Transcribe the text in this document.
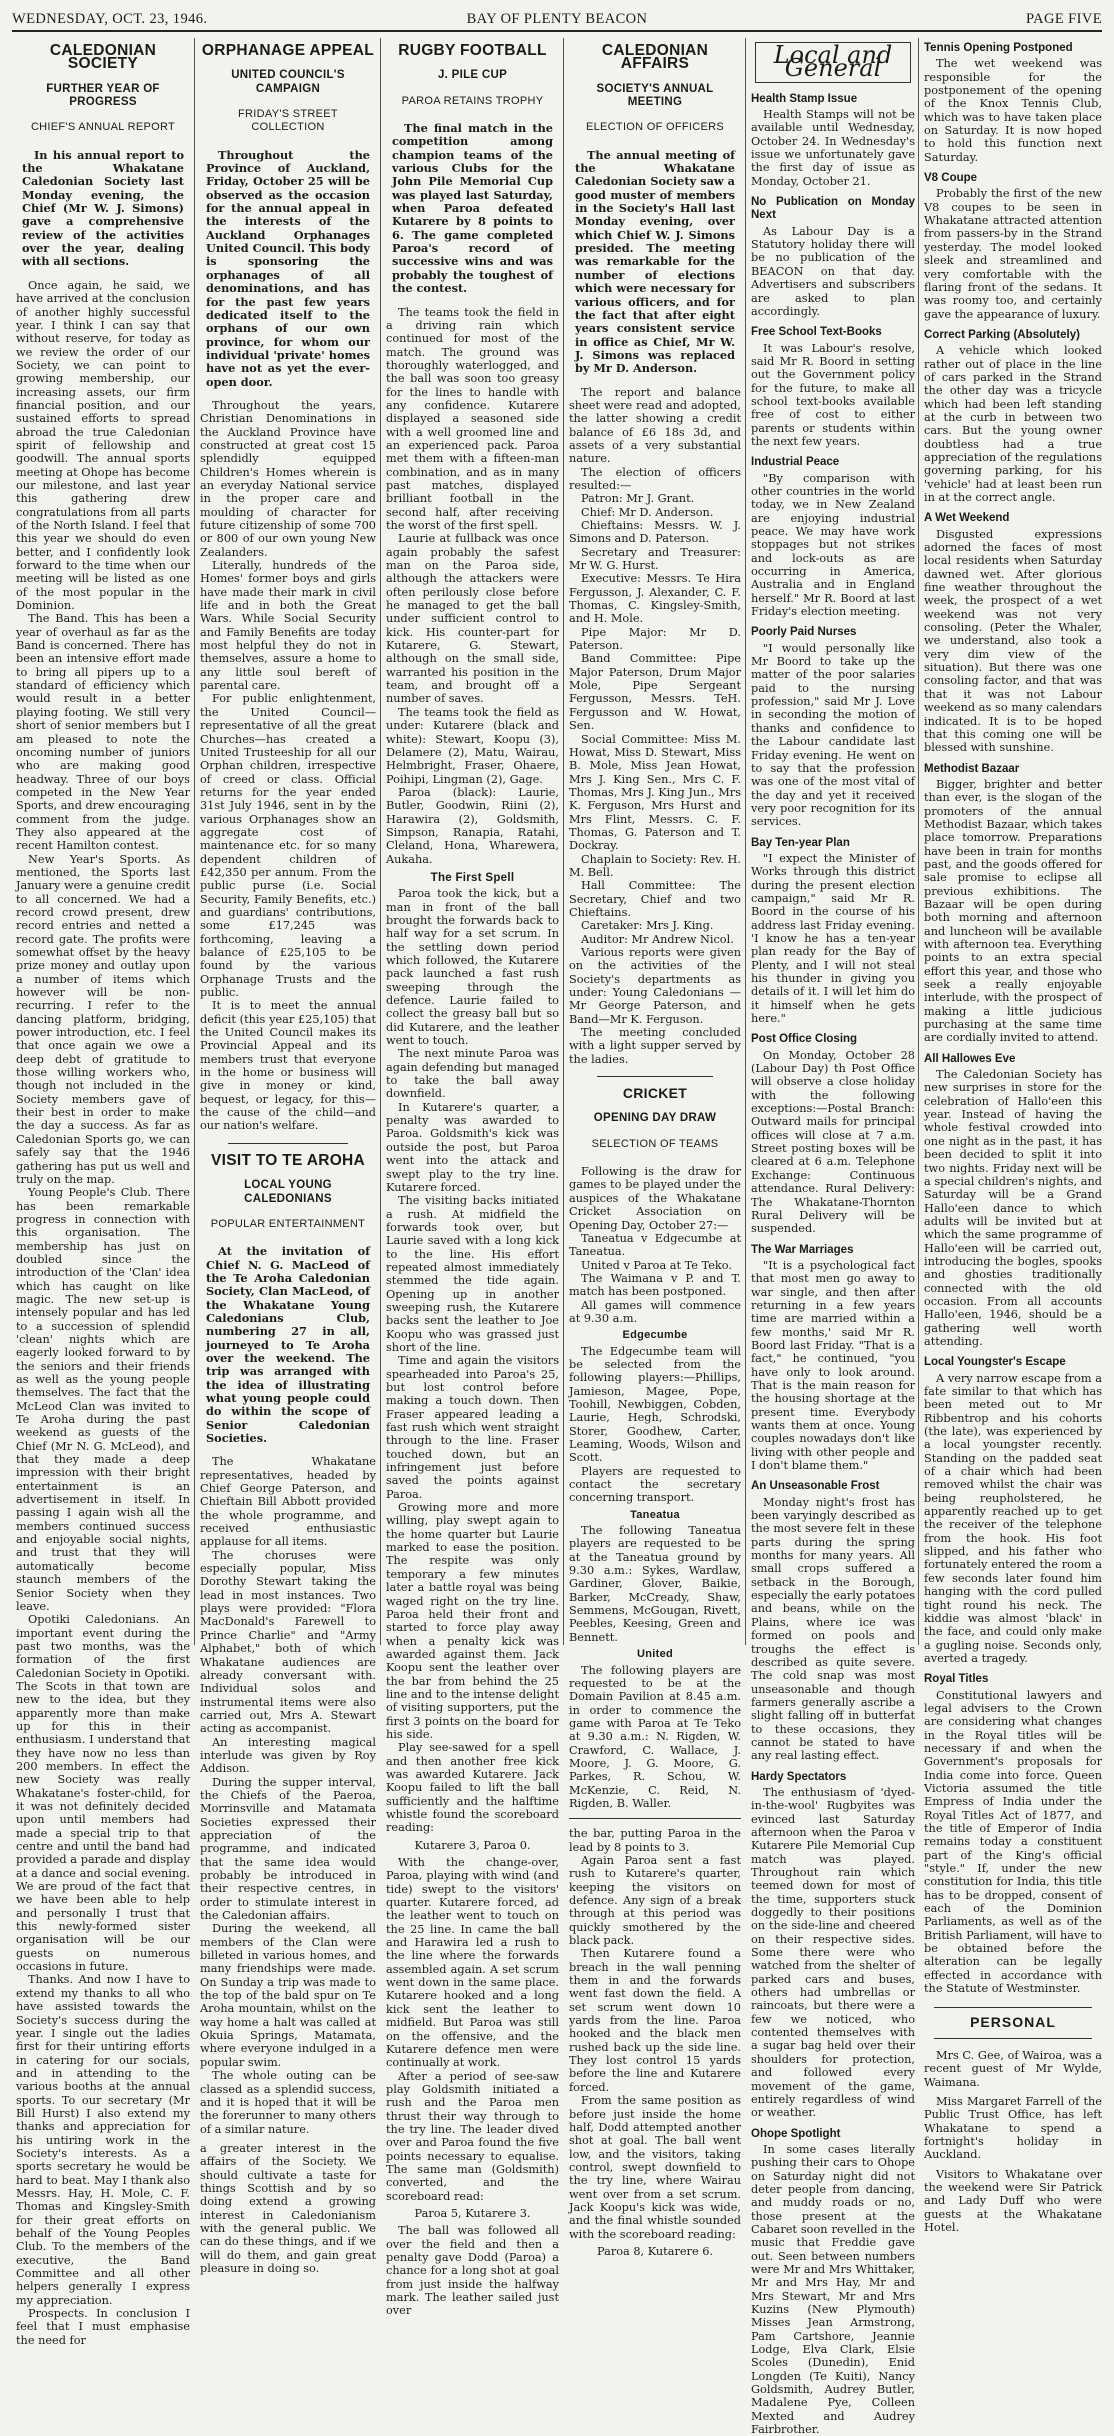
WEDNESDAY, OCT. 23, 1946.	BAY OF PLENTY BEACON	PAGE FIVE
CALEDONIAN SOCIETY
FURTHER YEAR OF PROGRESS
CHIEF'S ANNUAL REPORT
In his annual report to the Whakatane Caledonian Society last Monday evening, the Chief (Mr W. J. Simons) gave a comprehensive review of the activities over the year, dealing with all sections.

Once again, he said, we have arrived at the conclusion of another highly successful year. I think I can say that without reserve, for today as we review the order of our Society, we can point to growing membership, our increasing assets, our firm financial position, and our sustained efforts to spread abroad the true Caledonian spirit of fellowship and goodwill. The annual sports meeting at Ohope has become our milestone, and last year this gathering drew congratulations from all parts of the North Island. I feel that this year we should do even better, and I confidently look forward to the time when our meeting will be listed as one of the most popular in the Dominion.

The Band. This has been a year of overhaul as far as the Band is concerned. There has been an intensive effort made to bring all pipers up to a standard of efficiency which would result in a better playing footing. We still very short of senior members but I am pleased to note the oncoming number of juniors who are making good headway. Three of our boys competed in the New Year Sports, and drew encouraging comment from the judge. They also appeared at the recent Hamilton contest.

New Year's Sports. As mentioned, the Sports last January were a genuine credit to all concerned. We had a record crowd present, drew record entries and netted a record gate. The profits were somewhat offset by the heavy prize money and outlay upon a number of items which however will be non-recurring. I refer to the dancing platform, bridging, power introduction, etc. I feel that once again we owe a deep debt of gratitude to those willing workers who, though not included in the Society members gave of their best in order to make the day a success. As far as Caledonian Sports go, we can safely say that the 1946 gathering has put us well and truly on the map.

Young People's Club. There has been remarkable progress in connection with this organisation. The membership has just on doubled since the introduction of the 'Clan' idea which has caught on like magic. The new set-up is intensely popular and has led to a succession of splendid 'clean' nights which are eagerly looked forward to by the seniors and their friends as well as the young people themselves. The fact that the McLeod Clan was invited to Te Aroha during the past weekend as guests of the Chief (Mr N. G. McLeod), and that they made a deep impression with their bright entertainment is an advertisement in itself. In passing I again wish all the members continued success and enjoyable social nights, and trust that they will automatically become staunch members of the Senior Society when they leave.

Opotiki Caledonians. An important event during the past two months, was the formation of the first Caledonian Society in Opotiki. The Scots in that town are new to the idea, but they apparently more than make up for this in their enthusiasm. I understand that they have now no less than 200 members. In effect the new Society was really Whakatane's foster-child, for it was not definitely decided upon until members had made a special trip to that centre and until the band had provided a parade and display at a dance and social evening. We are proud of the fact that we have been able to help and personally I trust that this newly-formed sister organisation will be our guests on numerous occasions in future.

Thanks. And now I have to extend my thanks to all who have assisted towards the Society's success during the year. I single out the ladies first for their untiring efforts in catering for our socials, and in attending to the various booths at the annual sports. To our secretary (Mr Bill Hurst) I also extend my thanks and appreciation for his untiring work in the Society's interests. As a sports secretary he would be hard to beat. May I thank also Messrs. Hay, H. Mole, C. F. Thomas and Kingsley-Smith for their great efforts on behalf of the Young Peoples Club. To the members of the executive, the Band Committee and all other helpers generally I express my appreciation.

Prospects. In conclusion I feel that I must emphasise the need for

ORPHANAGE APPEAL
UNITED COUNCIL'S CAMPAIGN
FRIDAY'S STREET COLLECTION
Throughout the Province of Auckland, Friday, October 25 will be observed as the occasion for the annual appeal in the interests of the Auckland Orphanages United Council. This body is sponsoring the orphanages of all denominations, and has for the past few years dedicated itself to the orphans of our own province, for whom our individual 'private' homes have not as yet the ever-open door.

Throughout the years, Christian Denominations in the Auckland Province have constructed at great cost 15 splendidly equipped Children's Homes wherein is an everyday National service in the proper care and moulding of character for future citizenship of some 700 or 800 of our own young New Zealanders.

Literally, hundreds of the Homes' former boys and girls have made their mark in civil life and in both the Great Wars. While Social Security and Family Benefits are today most helpful they do not in themselves, assure a home to any little soul bereft of parental care.

For public enlightenment, the United Council—representative of all the great Churches—has created a United Trusteeship for all our Orphan children, irrespective of creed or class. Official returns for the year ended 31st July 1946, sent in by the various Orphanages show an aggregate cost of maintenance etc. for so many dependent children of £42,350 per annum. From the public purse (i.e. Social Security, Family Benefits, etc.) and guardians' contributions, some £17,245 was forthcoming, leaving a balance of £25,105 to be found by the various Orphanage Trusts and the public.

It is to meet the annual deficit (this year £25,105) that the United Council makes its Provincial Appeal and its members trust that everyone in the home or business will give in money or kind, bequest, or legacy, for this—the cause of the child—and our nation's welfare.

VISIT TO TE AROHA
LOCAL YOUNG CALEDONIANS
POPULAR ENTERTAINMENT
At the invitation of Chief N. G. MacLeod of the Te Aroha Caledonian Society, Clan MacLeod, of the Whakatane Young Caledonians Club, numbering 27 in all, journeyed to Te Aroha over the weekend. The trip was arranged with the idea of illustrating what young people could do within the scope of Senior Caledonian Societies.

The Whakatane representatives, headed by Chief George Paterson, and Chieftain Bill Abbott provided the whole programme, and received enthusiastic applause for all items.

The choruses were especially popular, Miss Dorothy Stewart taking the lead in most instances. Two plays were provided: "Flora MacDonald's Farewell to Prince Charlie" and "Army Alphabet," both of which Whakatane audiences are already conversant with. Individual solos and instrumental items were also carried out, Mrs A. Stewart acting as accompanist.

An interesting magical interlude was given by Roy Addison.

During the supper interval, the Chiefs of the Paeroa, Morrinsville and Matamata Societies expressed their appreciation of the programme, and indicated that the same idea would probably be introduced in their respective centres, in order to stimulate interest in the Caledonian affairs.

During the weekend, all members of the Clan were billeted in various homes, and many friendships were made. On Sunday a trip was made to the top of the bald spur on Te Aroha mountain, whilst on the way home a halt was called at Okuia Springs, Matamata, where everyone indulged in a popular swim.

The whole outing can be classed as a splendid success, and it is hoped that it will be the forerunner to many others of a similar nature.

a greater interest in the affairs of the Society. We should cultivate a taste for things Scottish and by so doing extend a growing interest in Caledonianism with the general public. We can do these things, and if we will do them, and gain great pleasure in doing so.

RUGBY FOOTBALL
J. PILE CUP
PAROA RETAINS TROPHY
The final match in the competition among champion teams of the various Clubs for the John Pile Memorial Cup was played last Saturday, when Paroa defeated Kutarere by 8 points to 6. The game completed Paroa's record of successive wins and was probably the toughest of the contest.

The teams took the field in a driving rain which continued for most of the match. The ground was thoroughly waterlogged, and the ball was soon too greasy for the lines to handle with any confidence. Kutarere displayed a seasoned side with a well groomed line and an experienced pack. Paroa met them with a fifteen-man combination, and as in many past matches, displayed brilliant football in the second half, after receiving the worst of the first spell.

Laurie at fullback was once again probably the safest man on the Paroa side, although the attackers were often perilously close before he managed to get the ball under sufficient control to kick. His counter-part for Kutarere, G. Stewart, although on the small side, warranted his position in the team, and brought off a number of saves.

The teams took the field as under: Kutarere (black and white): Stewart, Koopu (3), Delamere (2), Matu, Wairau, Helmbright, Fraser, Ohaere, Poihipi, Lingman (2), Gage.

Paroa (black): Laurie, Butler, Goodwin, Riini (2), Harawira (2), Goldsmith, Simpson, Ranapia, Ratahi, Cleland, Hona, Wharewera, Aukaha.

The First Spell

Paroa took the kick, but a man in front of the ball brought the forwards back to half way for a set scrum. In the settling down period which followed, the Kutarere pack launched a fast rush sweeping through the defence. Laurie failed to collect the greasy ball but so did Kutarere, and the leather went to touch.

The next minute Paroa was again defending but managed to take the ball away downfield.

In Kutarere's quarter, a penalty was awarded to Paroa. Goldsmith's kick was outside the post, but Paroa went into the attack and swept play to the try line. Kutarere forced.

The visiting backs initiated a rush. At midfield the forwards took over, but Laurie saved with a long kick to the line. His effort repeated almost immediately stemmed the tide again. Opening up in another sweeping rush, the Kutarere backs sent the leather to Joe Koopu who was grassed just short of the line.

Time and again the visitors spearheaded into Paroa's 25, but lost control before making a touch down. Then Fraser appeared leading a fast rush which went straight through to the line. Fraser touched down, but an infringement just before saved the points against Paroa.

Growing more and more willing, play swept again to the home quarter but Laurie marked to ease the position. The respite was only temporary a few minutes later a battle royal was being waged right on the try line. Paroa held their front and started to force play away when a penalty kick was awarded against them. Jack Koopu sent the leather over the bar from behind the 25 line and to the intense delight of visiting supporters, put the first 3 points on the board for his side.

Play see-sawed for a spell and then another free kick was awarded Kutarere. Jack Koopu failed to lift the ball sufficiently and the halftime whistle found the scoreboard reading:

Kutarere 3, Paroa 0.

With the change-over, Paroa, playing with wind (and tide) swept to the visitors' quarter. Kutarere forced, ad the leather went to touch on the 25 line. In came the ball and Harawira led a rush to the line where the forwards assembled again. A set scrum went down in the same place. Kutarere hooked and a long kick sent the leather to midfield. But Paroa was still on the offensive, and the Kutarere defence men were continually at work.

After a period of see-saw play Goldsmith initiated a rush and the Paroa men thrust their way through to the try line. The leader dived over and Paroa found the five points necessary to equalise. The same man (Goldsmith) converted, and the scoreboard read:

Paroa 5, Kutarere 3.

The ball was followed all over the field and then a penalty gave Dodd (Paroa) a chance for a long shot at goal from just inside the halfway mark. The leather sailed just over

CALEDONIAN AFFAIRS
SOCIETY'S ANNUAL MEETING
ELECTION OF OFFICERS
The annual meeting of the Whakatane Caledonian Society saw a good muster of members in the Society's Hall last Monday evening, over which Chief W. J. Simons presided. The meeting was remarkable for the number of elections which were necessary for various officers, and for the fact that after eight years consistent service in office as Chief, Mr W. J. Simons was replaced by Mr D. Anderson.

The report and balance sheet were read and adopted, the latter showing a credit balance of £6 18s 3d, and assets of a very substantial nature.

The election of officers resulted:—

Patron: Mr J. Grant.

Chief: Mr D. Anderson.

Chieftains: Messrs. W. J. Simons and D. Paterson.

Secretary and Treasurer: Mr W. G. Hurst.

Executive: Messrs. Te Hira Fergusson, J. Alexander, C. F. Thomas, C. Kingsley-Smith, and H. Mole.

Pipe Major: Mr D. Paterson.

Band Committee: Pipe Major Paterson, Drum Major Mole, Pipe Sergeant Fergusson, Messrs. TeH. Fergusson and W. Howat, Sen.

Social Committee: Miss M. Howat, Miss D. Stewart, Miss B. Mole, Miss Jean Howat, Mrs J. King Sen., Mrs C. F. Thomas, Mrs J. King Jun., Mrs K. Ferguson, Mrs Hurst and Mrs Flint, Messrs. C. F. Thomas, G. Paterson and T. Dockray.

Chaplain to Society: Rev. H. M. Bell.

Hall Committee: The Secretary, Chief and two Chieftains.

Caretaker: Mrs J. King.

Auditor: Mr Andrew Nicol.

Various reports were given on the activities of the Society's departments as under: Young Caledonians —Mr George Paterson, and Band—Mr K. Ferguson.

The meeting concluded with a light supper served by the ladies.

CRICKET
OPENING DAY DRAW
SELECTION OF TEAMS

Following is the draw for games to be played under the auspices of the Whakatane Cricket Association on Opening Day, October 27:—

Taneatua v Edgecumbe at Taneatua.

United v Paroa at Te Teko.

The Waimana v P. and T. match has been postponed.

All games will commence at 9.30 a.m.

Edgecumbe

The Edgecumbe team will be selected from the following players:—Phillips, Jamieson, Magee, Pope, Toohill, Newbiggen, Cobden, Laurie, Hegh, Schrodski, Storer, Goodhew, Carter, Leaming, Woods, Wilson and Scott.

Players are requested to contact the secretary concerning transport.

Taneatua

The following Taneatua players are requested to be at the Taneatua ground by 9.30 a.m.: Sykes, Wardlaw, Gardiner, Glover, Baikie, Barker, McCready, Shaw, Semmens, McGougan, Rivett, Peebles, Keesing, Green and Bennett.

United

The following players are requested to be at the Domain Pavilion at 8.45 a.m. in order to commence the game with Paroa at Te Teko at 9.30 a.m.: N. Rigden, W. Crawford, C. Wallace, J. Moore, J. G. Moore, G. Parkes, R. Schou, W. McKenzie, C. Reid, N. Rigden, B. Waller.

the bar, putting Paroa in the lead by 8 points to 3.

Again Paroa sent a fast rush to Kutarere's quarter, keeping the visitors on defence. Any sign of a break through at this period was quickly smothered by the black pack.

Then Kutarere found a breach in the wall penning them in and the forwards went fast down the field. A set scrum went down 10 yards from the line. Paroa hooked and the black men rushed back up the side line. They lost control 15 yards before the line and Kutarere forced.

From the same position as before just inside the home half, Dodd attempted another shot at goal. The ball went low, and the visitors, taking control, swept downfield to the try line, where Wairau went over from a set scrum. Jack Koopu's kick was wide, and the final whistle sounded with the scoreboard reading:

Paroa 8, Kutarere 6.
Local and General
Health Stamp Issue

Health Stamps will not be available until Wednesday, October 24. In Wednesday's issue we unfortunately gave the first day of issue as Monday, October 21.

No Publication on Monday Next

As Labour Day is a Statutory holiday there will be no publication of the BEACON on that day. Advertisers and subscribers are asked to plan accordingly.

Free School Text-Books

It was Labour's resolve, said Mr R. Boord in setting out the Government policy for the future, to make all school text-books available free of cost to either parents or students within the next few years.

Industrial Peace

"By comparison with other countries in the world today, we in New Zealand are enjoying industrial peace. We may have work stoppages but not strikes and lock-outs as are occurring in America, Australia and in England herself." Mr R. Boord at last Friday's election meeting.

Poorly Paid Nurses

"I would personally like Mr Boord to take up the matter of the poor salaries paid to the nursing profession," said Mr J. Love in seconding the motion of thanks and confidence to the Labour candidate last Friday evening. He went on to say that the profession was one of the most vital of the day and yet it received very poor recognition for its services.

Bay Ten-year Plan

"I expect the Minister of Works through this district during the present election campaign," said Mr R. Boord in the course of his address last Friday evening. 'I know he has a ten-year plan ready for the Bay of Plenty, and I will not steal his thunder in giving you details of it. I will let him do it himself when he gets here."

Post Office Closing

On Monday, October 28 (Labour Day) th Post Office will observe a close holiday with the following exceptions:—Postal Branch: Outward mails for principal offices will close at 7 a.m. Street posting boxes will be cleared at 6 a.m. Telephone Exchange: Continuous attendance. Rural Delivery: The Whakatane-Thornton Rural Delivery will be suspended.

The War Marriages

"It is a psychological fact that most men go away to war single, and then after returning in a few years time are married within a few months,' said Mr R. Boord last Friday. "That is a fact," he continued, "you have only to look around. That is the main reason for the housing shortage at the present time. Everybody wants them at once. Young couples nowadays don't like living with other people and I don't blame them."

An Unseasonable Frost

Monday night's frost has been varyingly described as the most severe felt in these parts during the spring months for many years. All small crops suffered a setback in the Borough, especially the early potatoes and beans, while on the Plains, where ice was formed on pools and troughs the effect is described as quite severe. The cold snap was most unseasonable and though farmers generally ascribe a slight falling off in butterfat to these occasions, they cannot be stated to have any real lasting effect.

Hardy Spectators

The enthusiasm of 'dyed-in-the-wool' Rugbyites was evinced last Saturday afternoon when the Paroa v Kutarere Pile Memorial Cup match was played. Throughout rain which teemed down for most of the time, supporters stuck doggedly to their positions on the side-line and cheered on their respective sides. Some there were who watched from the shelter of parked cars and buses, others had umbrellas or raincoats, but there were a few we noticed, who contented themselves with a sugar bag held over their shoulders for protection, and followed every movement of the game, entirely regardless of wind or weather.

Ohope Spotlight

In some cases literally pushing their cars to Ohope on Saturday night did not deter people from dancing, and muddy roads or no, those present at the Cabaret soon revelled in the music that Freddie gave out. Seen between numbers were Mr and Mrs Whittaker, Mr and Mrs Hay, Mr and Mrs Stewart, Mr and Mrs Kuzins (New Plymouth) Misses Jean Armstrong, Pam Cartshore, Jeannie Lodge, Elva Clark, Elsie Scoles (Dunedin), Enid Longden (Te Kuiti), Nancy Goldsmith, Audrey Butler, Madalene Pye, Colleen Mexted and Audrey Fairbrother.

Tennis Opening Postponed

The wet weekend was responsible for the postponement of the opening of the Knox Tennis Club, which was to have taken place on Saturday. It is now hoped to hold this function next Saturday.

V8 Coupe

Probably the first of the new V8 coupes to be seen in Whakatane attracted attention from passers-by in the Strand yesterday. The model looked sleek and streamlined and very comfortable with the flaring front of the sedans. It was roomy too, and certainly gave the appearance of luxury.

Correct Parking (Absolutely)

A vehicle which looked rather out of place in the line of cars parked in the Strand the other day was a tricycle which had been left standing at the curb in between two cars. But the young owner doubtless had a true appreciation of the regulations governing parking, for his 'vehicle' had at least been run in at the correct angle.

A Wet Weekend

Disgusted expressions adorned the faces of most local residents when Saturday dawned wet. After glorious fine weather throughout the week, the prospect of a wet weekend was not very consoling. (Peter the Whaler, we understand, also took a very dim view of the situation). But there was one consoling factor, and that was that it was not Labour weekend as so many calendars indicated. It is to be hoped that this coming one will be blessed with sunshine.

Methodist Bazaar

Bigger, brighter and better than ever, is the slogan of the promoters of the annual Methodist Bazaar, which takes place tomorrow. Preparations have been in train for months past, and the goods offered for sale promise to eclipse all previous exhibitions. The Bazaar will be open during both morning and afternoon and luncheon will be available with afternoon tea. Everything points to an extra special effort this year, and those who seek a really enjoyable interlude, with the prospect of making a little judicious purchasing at the same time are cordially invited to attend.

All Hallowes Eve

The Caledonian Society has new surprises in store for the celebration of Hallo'een this year. Instead of having the whole festival crowded into one night as in the past, it has been decided to split it into two nights. Friday next will be a special children's nights, and Saturday will be a Grand Hallo'een dance to which adults will be invited but at which the same programme of Hallo'een will be carried out, introducing the bogles, spooks and ghosties traditionally connected with the old occasion. From all accounts Hallo'een, 1946, should be a gathering well worth attending.

Local Youngster's Escape

A very narrow escape from a fate similar to that which has been meted out to Mr Ribbentrop and his cohorts (the late), was experienced by a local youngster recently. Standing on the padded seat of a chair which had been removed whilst the chair was being reupholstered, he apparently reached up to get the receiver of the telephone from the hook. His foot slipped, and his father who fortunately entered the room a few seconds later found him hanging with the cord pulled tight round his neck. The kiddie was almost 'black' in the face, and could only make a gugling noise. Seconds only, averted a tragedy.

Royal Titles

Constitutional lawyers and legal advisers to the Crown are considering what changes in the Royal titles will be necessary if and when the Government's proposals for India come into force. Queen Victoria assumed the title Empress of India under the Royal Titles Act of 1877, and the title of Emperor of India remains today a constituent part of the King's official "style." If, under the new constitution for India, this title has to be dropped, consent of each of the Dominion Parliaments, as well as of the British Parliament, will have to be obtained before the alteration can be legally effected in accordance with the Statute of Westminster.

PERSONAL

Mrs C. Gee, of Wairoa, was a recent guest of Mr Wylde, Waimana.

Miss Margaret Farrell of the Public Trust Office, has left Whakatane to spend a fortnight's holiday in Auckland.

Visitors to Whakatane over the weekend were Sir Patrick and Lady Duff who were guests at the Whakatane Hotel.
